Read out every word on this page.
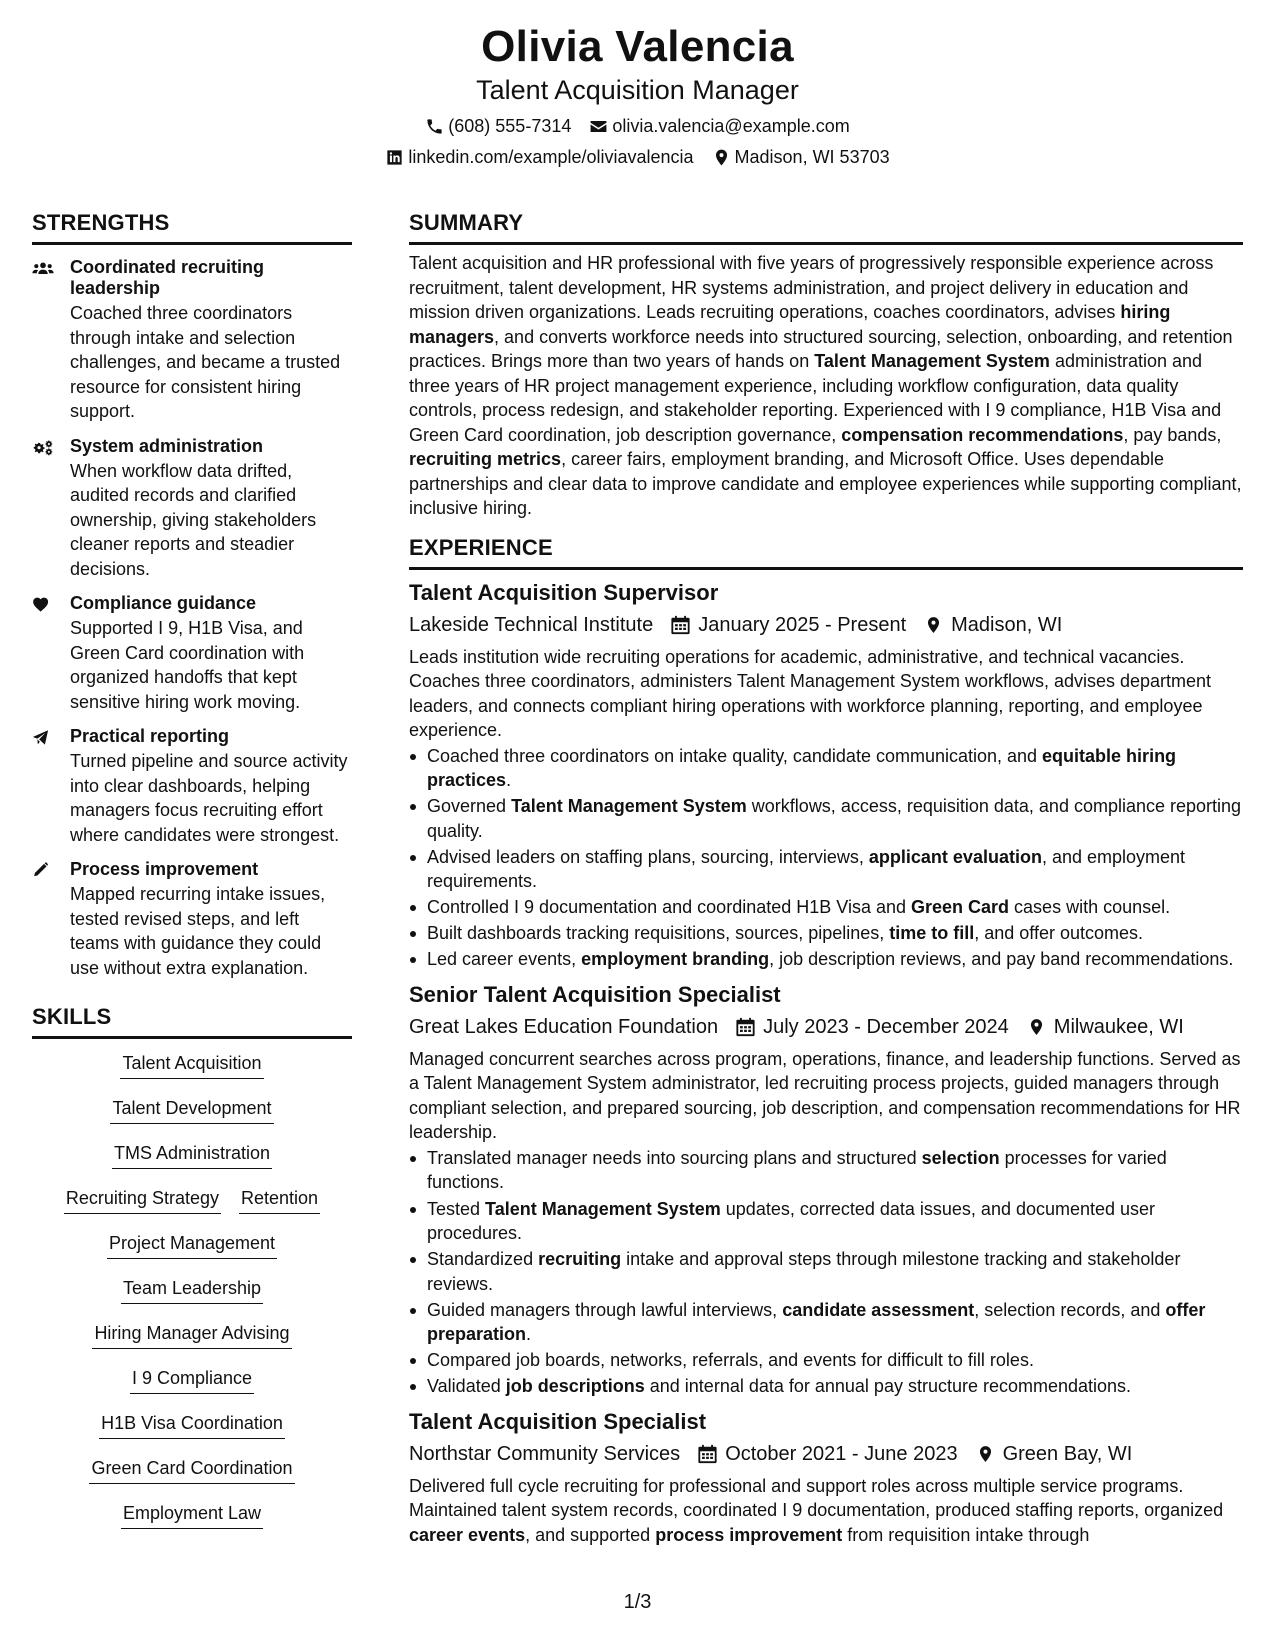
Olivia Valencia
Talent Acquisition Manager
(608) 555-7314 olivia.valencia@example.com
linkedin.com/example/oliviavalencia Madison, WI 53703
STRENGTHS
Coordinated recruiting leadership
Coached three coordinators through intake and selection challenges, and became a trusted resource for consistent hiring support.
System administration
When workflow data drifted, audited records and clarified ownership, giving stakeholders cleaner reports and steadier decisions.
Compliance guidance
Supported I 9, H1B Visa, and Green Card coordination with organized handoffs that kept sensitive hiring work moving.
Practical reporting
Turned pipeline and source activity into clear dashboards, helping managers focus recruiting effort where candidates were strongest.
Process improvement
Mapped recurring intake issues, tested revised steps, and left teams with guidance they could use without extra explanation.
SKILLS
Talent Acquisition
Talent Development
TMS Administration
Recruiting Strategy Retention
Project Management
Team Leadership
Hiring Manager Advising
I 9 Compliance
H1B Visa Coordination
Green Card Coordination
Employment Law
SUMMARY
Talent acquisition and HR professional with five years of progressively responsible experience across recruitment, talent development, HR systems administration, and project delivery in education and mission driven organizations. Leads recruiting operations, coaches coordinators, advises hiring managers, and converts workforce needs into structured sourcing, selection, onboarding, and retention practices. Brings more than two years of hands on Talent Management System administration and three years of HR project management experience, including workflow configuration, data quality controls, process redesign, and stakeholder reporting. Experienced with I 9 compliance, H1B Visa and Green Card coordination, job description governance, compensation recommendations, pay bands, recruiting metrics, career fairs, employment branding, and Microsoft Office. Uses dependable partnerships and clear data to improve candidate and employee experiences while supporting compliant, inclusive hiring.
EXPERIENCE
Talent Acquisition Supervisor
Lakeside Technical Institute January 2025 - Present Madison, WI
Leads institution wide recruiting operations for academic, administrative, and technical vacancies. Coaches three coordinators, administers Talent Management System workflows, advises department leaders, and connects compliant hiring operations with workforce planning, reporting, and employee experience.
Coached three coordinators on intake quality, candidate communication, and equitable hiring practices.
Governed Talent Management System workflows, access, requisition data, and compliance reporting quality.
Advised leaders on staffing plans, sourcing, interviews, applicant evaluation, and employment requirements.
Controlled I 9 documentation and coordinated H1B Visa and Green Card cases with counsel.
Built dashboards tracking requisitions, sources, pipelines, time to fill, and offer outcomes.
Led career events, employment branding, job description reviews, and pay band recommendations.
Senior Talent Acquisition Specialist
Great Lakes Education Foundation July 2023 - December 2024 Milwaukee, WI
Managed concurrent searches across program, operations, finance, and leadership functions. Served as a Talent Management System administrator, led recruiting process projects, guided managers through compliant selection, and prepared sourcing, job description, and compensation recommendations for HR leadership.
Translated manager needs into sourcing plans and structured selection processes for varied functions.
Tested Talent Management System updates, corrected data issues, and documented user procedures.
Standardized recruiting intake and approval steps through milestone tracking and stakeholder reviews.
Guided managers through lawful interviews, candidate assessment, selection records, and offer preparation.
Compared job boards, networks, referrals, and events for difficult to fill roles.
Validated job descriptions and internal data for annual pay structure recommendations.
Talent Acquisition Specialist
Northstar Community Services October 2021 - June 2023 Green Bay, WI
Delivered full cycle recruiting for professional and support roles across multiple service programs. Maintained talent system records, coordinated I 9 documentation, produced staffing reports, organized career events, and supported process improvement from requisition intake through
1/3
